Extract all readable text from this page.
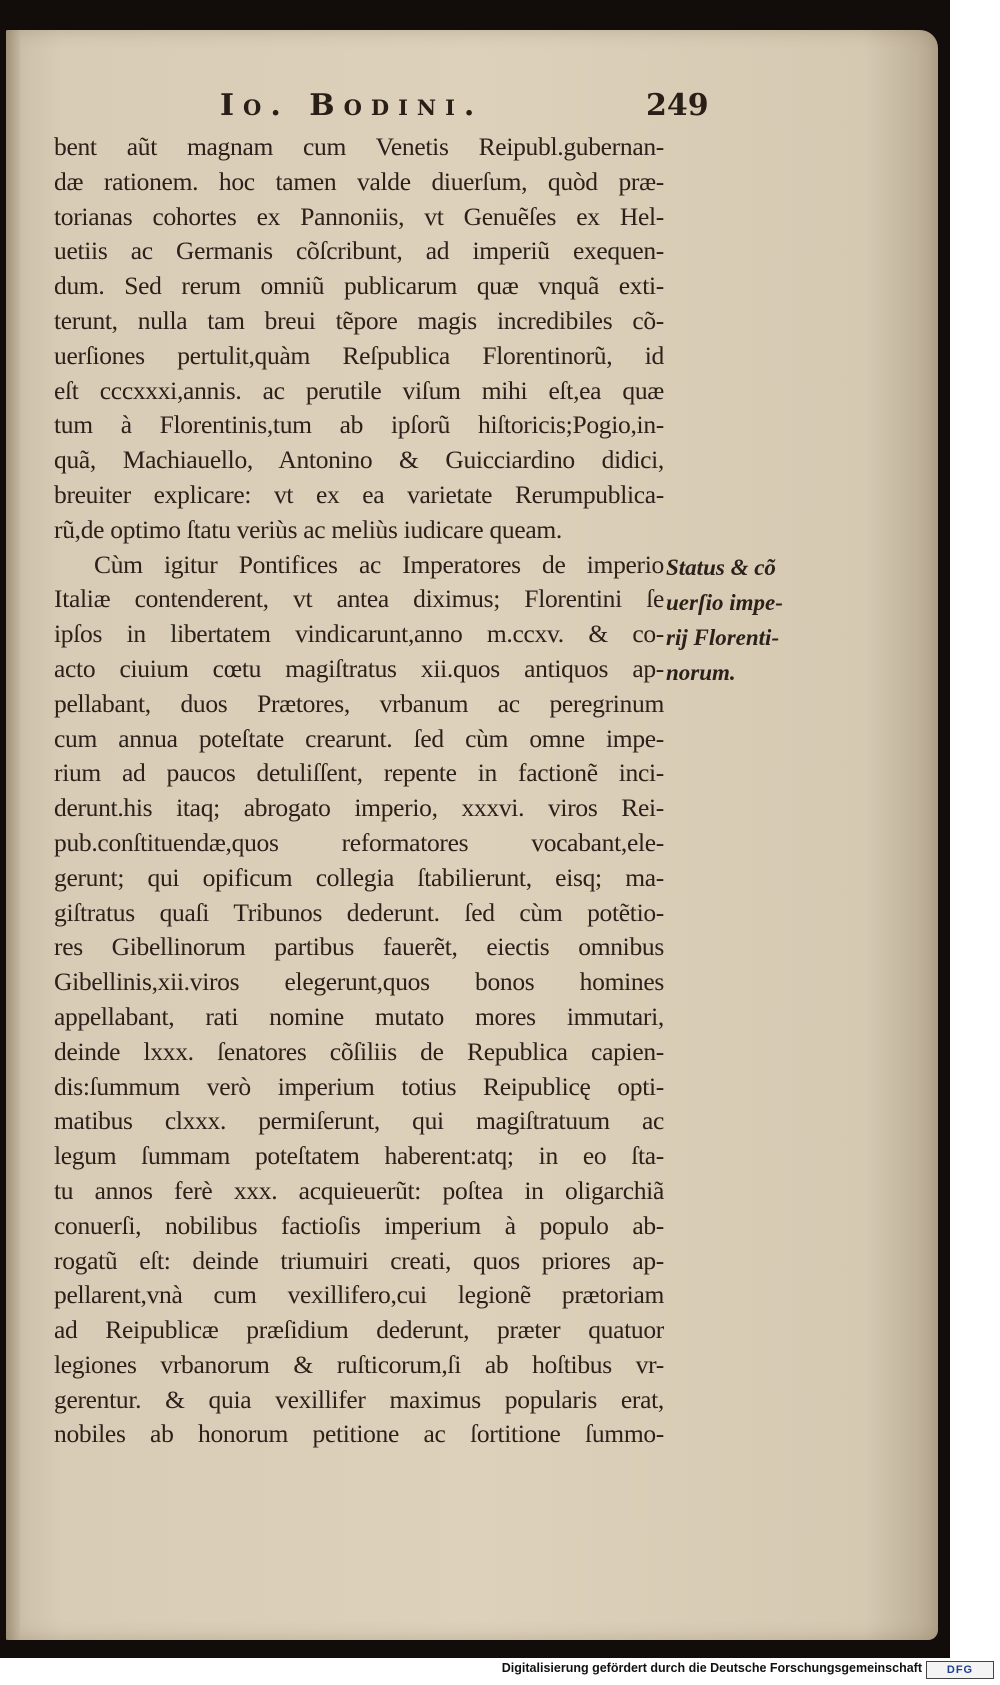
Io. Bodini.	249
bent aũt magnam cum Venetis Reipubl.gubernan-
dæ rationem. hoc tamen valde diuerſum, quòd præ-
torianas cohortes ex Pannoniis, vt Genuẽſes ex Hel-
uetiis ac Germanis cõſcribunt, ad imperiũ exequen-
dum. Sed rerum omniũ publicarum quæ vnquã exti-
terunt, nulla tam breui tẽpore magis incredibiles cõ-
uerſiones pertulit,quàm Reſpublica Florentinorũ, id
eſt cccxxxi,annis. ac perutile viſum mihi eſt,ea quæ
tum à Florentinis,tum ab ipſorũ hiſtoricis;Pogio,in-
quã, Machiauello, Antonino & Guicciardino didici,
breuiter explicare: vt ex ea varietate Rerumpublica-
rũ,de optimo ſtatu veriùs ac meliùs iudicare queam.
Cùm igitur Pontifices ac Imperatores de imperio
Italiæ contenderent, vt antea diximus; Florentini ſe
ipſos in libertatem vindicarunt,anno m.ccxv. & co-
acto ciuium cœtu magiſtratus xii.quos antiquos ap-
pellabant, duos Prætores, vrbanum ac peregrinum
cum annua poteſtate crearunt. ſed cùm omne impe-
rium ad paucos detuliſſent, repente in factionẽ inci-
derunt.his itaq; abrogato imperio, xxxvi. viros Rei-
pub.conſtituendæ,quos reformatores vocabant,ele-
gerunt; qui opificum collegia ſtabilierunt, eisq; ma-
giſtratus quaſi Tribunos dederunt. ſed cùm potẽtio-
res Gibellinorum partibus fauerẽt, eiectis omnibus
Gibellinis,xii.viros elegerunt,quos bonos homines
appellabant, rati nomine mutato mores immutari,
deinde lxxx. ſenatores cõſiliis de Republica capien-
dis:ſummum verò imperium totius Reipublicę opti-
matibus clxxx. permiſerunt, qui magiſtratuum ac
legum ſummam poteſtatem haberent:atq; in eo ſta-
tu annos ferè xxx. acquieuerũt: poſtea in oligarchiã
conuerſi, nobilibus factioſis imperium à populo ab-
rogatũ eſt: deinde triumuiri creati, quos priores ap-
pellarent,vnà cum vexillifero,cui legionẽ prætoriam
ad Reipublicæ præſidium dederunt, præter quatuor
legiones vrbanorum & ruſticorum,ſi ab hoſtibus vr-
gerentur. & quia vexillifer maximus popularis erat,
nobiles ab honorum petitione ac ſortitione ſummo-
Status & cõ
uerſio impe-
rij Florenti-
norum.
Digitalisierung gefördert durch die Deutsche Forschungsgemeinschaft DFG
